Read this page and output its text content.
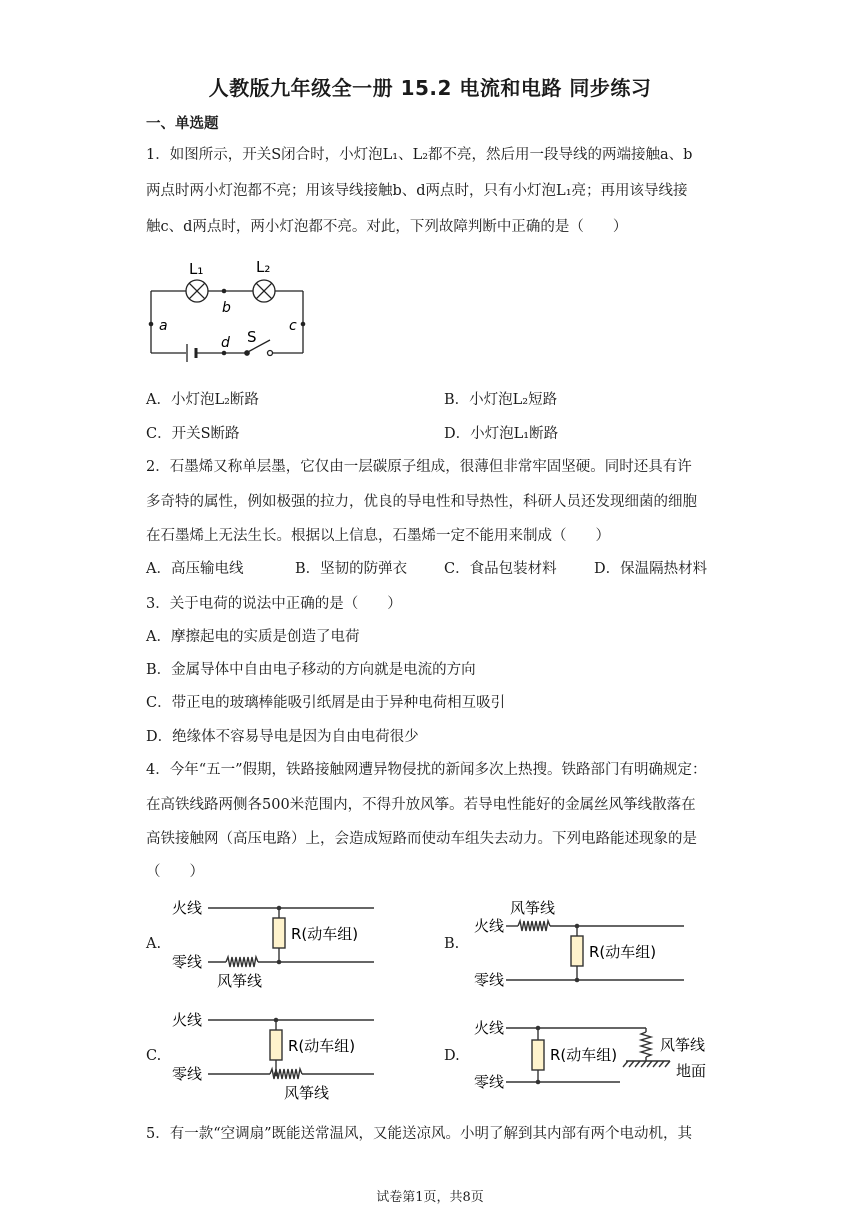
人教版九年级全一册 15.2 电流和电路 同步练习
一、单选题
1．如图所示，开关S闭合时，小灯泡L₁、L₂都不亮，然后用一段导线的两端接触a、b
两点时两小灯泡都不亮；用该导线接触b、d两点时，只有小灯泡L₁亮；再用该导线接
触c、d两点时，两小灯泡都不亮。对此，下列故障判断中正确的是（　　）
L₁	L₂
b
a	c
d S
A．小灯泡L₂断路	B．小灯泡L₂短路
C．开关S断路	D．小灯泡L₁断路
2．石墨烯又称单层墨，它仅由一层碳原子组成，很薄但非常牢固坚硬。同时还具有许
多奇特的属性，例如极强的拉力，优良的导电性和导热性，科研人员还发现细菌的细胞
在石墨烯上无法生长。根据以上信息，石墨烯一定不能用来制成（　　）
A．高压输电线	B．坚韧的防弹衣	C．食品包装材料	D．保温隔热材料
3．关于电荷的说法中正确的是（　　）
A．摩擦起电的实质是创造了电荷
B．金属导体中自由电子移动的方向就是电流的方向
C．带正电的玻璃棒能吸引纸屑是由于异种电荷相互吸引
D．绝缘体不容易导电是因为自由电荷很少
4．今年“五一”假期，铁路接触网遭异物侵扰的新闻多次上热搜。铁路部门有明确规定：
在高铁线路两侧各500米范围内，不得升放风筝。若导电性能好的金属丝风筝线散落在
高铁接触网（高压电路）上，会造成短路而使动车组失去动力。下列电路能述现象的是
（　　）
A.
火线
零线
风筝线
R(动车组)
B.
火线
零线
风筝线
R(动车组)
C.
火线
零线
风筝线
R(动车组)
D.
火线
零线
风筝线
地面
R(动车组)
5．有一款“空调扇”既能送常温风，又能送凉风。小明了解到其内部有两个电动机，其
试卷第1页，共8页
